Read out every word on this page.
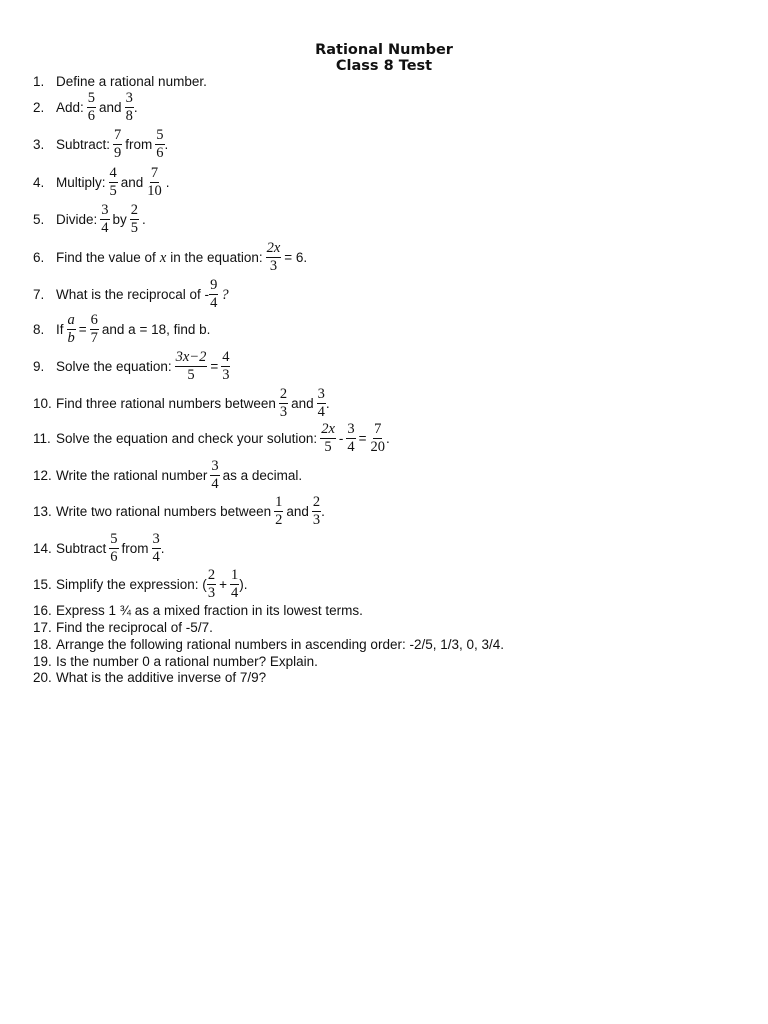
Rational Number
Class 8 Test
1. Define a rational number.
2. Add: $\frac{5}{6}$ and $\frac{3}{8}$ .
3. Subtract: $\frac{7}{9}$ from $\frac{5}{6}$ .
4. Multiply: $\frac{4}{5}$ and $\frac{7}{10}$ .
5. Divide: $\frac{3}{4}$ by $\frac{2}{5}$ .
6. Find the value of x in the equation: $\frac{2x}{3} = 6$.
7. What is the reciprocal of - $\frac{9}{4}$ ?
8. If $\frac{a}{b} = \frac{6}{7}$ and a = 18, find b.
9. Solve the equation: $\frac{3x-2}{5} = \frac{4}{3}$
10. Find three rational numbers between $\frac{2}{3}$ and $\frac{3}{4}$ .
11. Solve the equation and check your solution: $\frac{2x}{5} - \frac{3}{4} = \frac{7}{20}$ .
12. Write the rational number $\frac{3}{4}$ as a decimal.
13. Write two rational numbers between $\frac{1}{2}$ and $\frac{2}{3}$ .
14. Subtract $\frac{5}{6}$ from $\frac{3}{4}$ .
15. Simplify the expression: ( $\frac{2}{3} + \frac{1}{4}$ ).
16. Express 1 ¾ as a mixed fraction in its lowest terms.
17. Find the reciprocal of -5/7.
18. Arrange the following rational numbers in ascending order: -2/5, 1/3, 0, 3/4.
19. Is the number 0 a rational number? Explain.
20. What is the additive inverse of 7/9?
